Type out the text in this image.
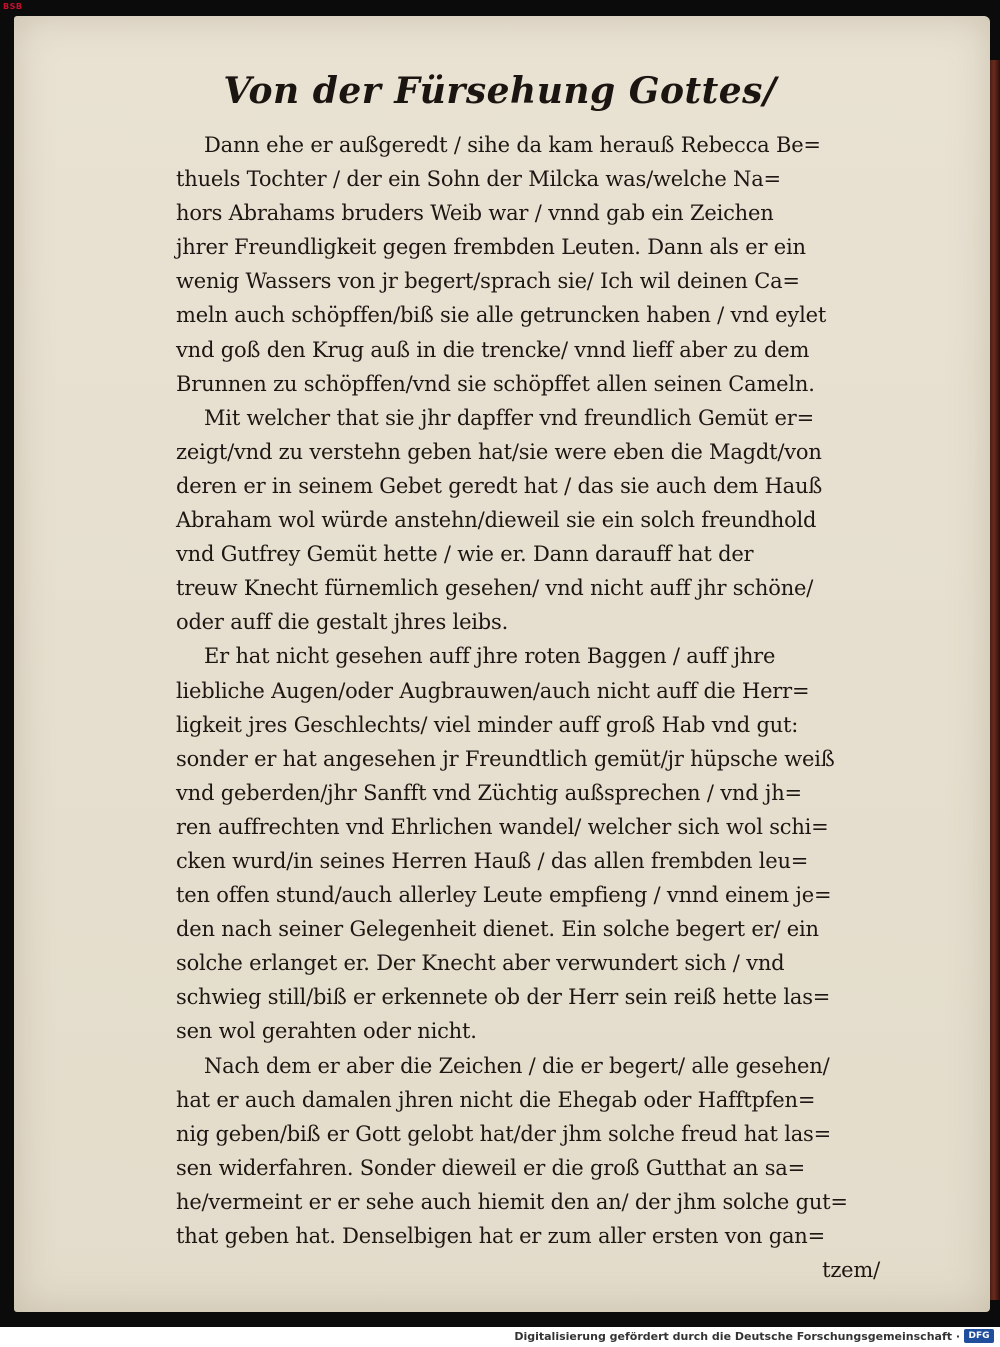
BSB
Von der Fürsehung Gottes/
Dann ehe er außgeredt / sihe da kam herauß Rebecca Be=
thuels Tochter / der ein Sohn der Milcka was/welche Na=
hors Abrahams bruders Weib war / vnnd gab ein Zeichen
jhrer Freundligkeit gegen frembden Leuten. Dann als er ein
wenig Wassers von jr begert/sprach sie/ Ich wil deinen Ca=
meln auch schöpffen/biß sie alle getruncken haben / vnd eylet
vnd goß den Krug auß in die trencke/ vnnd lieff aber zu dem
Brunnen zu schöpffen/vnd sie schöpffet allen seinen Cameln.
Mit welcher that sie jhr dapffer vnd freundlich Gemüt er=
zeigt/vnd zu verstehn geben hat/sie were eben die Magdt/von
deren er in seinem Gebet geredt hat / das sie auch dem Hauß
Abraham wol würde anstehn/dieweil sie ein solch freundhold
vnd Gutfrey Gemüt hette / wie er. Dann darauff hat der
treuw Knecht fürnemlich gesehen/ vnd nicht auff jhr schöne/
oder auff die gestalt jhres leibs.
Er hat nicht gesehen auff jhre roten Baggen / auff jhre
liebliche Augen/oder Augbrauwen/auch nicht auff die Herr=
ligkeit jres Geschlechts/ viel minder auff groß Hab vnd gut:
sonder er hat angesehen jr Freundtlich gemüt/jr hüpsche weiß
vnd geberden/jhr Sanfft vnd Züchtig außsprechen / vnd jh=
ren auffrechten vnd Ehrlichen wandel/ welcher sich wol schi=
cken wurd/in seines Herren Hauß / das allen frembden leu=
ten offen stund/auch allerley Leute empfieng / vnnd einem je=
den nach seiner Gelegenheit dienet. Ein solche begert er/ ein
solche erlanget er. Der Knecht aber verwundert sich / vnd
schwieg still/biß er erkennete ob der Herr sein reiß hette las=
sen wol gerahten oder nicht.
Nach dem er aber die Zeichen / die er begert/ alle gesehen/
hat er auch damalen jhren nicht die Ehegab oder Hafftpfen=
nig geben/biß er Gott gelobt hat/der jhm solche freud hat las=
sen widerfahren. Sonder dieweil er die groß Gutthat an sa=
he/vermeint er er sehe auch hiemit den an/ der jhm solche gut=
that geben hat. Denselbigen hat er zum aller ersten von gan=
tzem/
Digitalisierung gefördert durch die Deutsche Forschungsgemeinschaft · DFG
